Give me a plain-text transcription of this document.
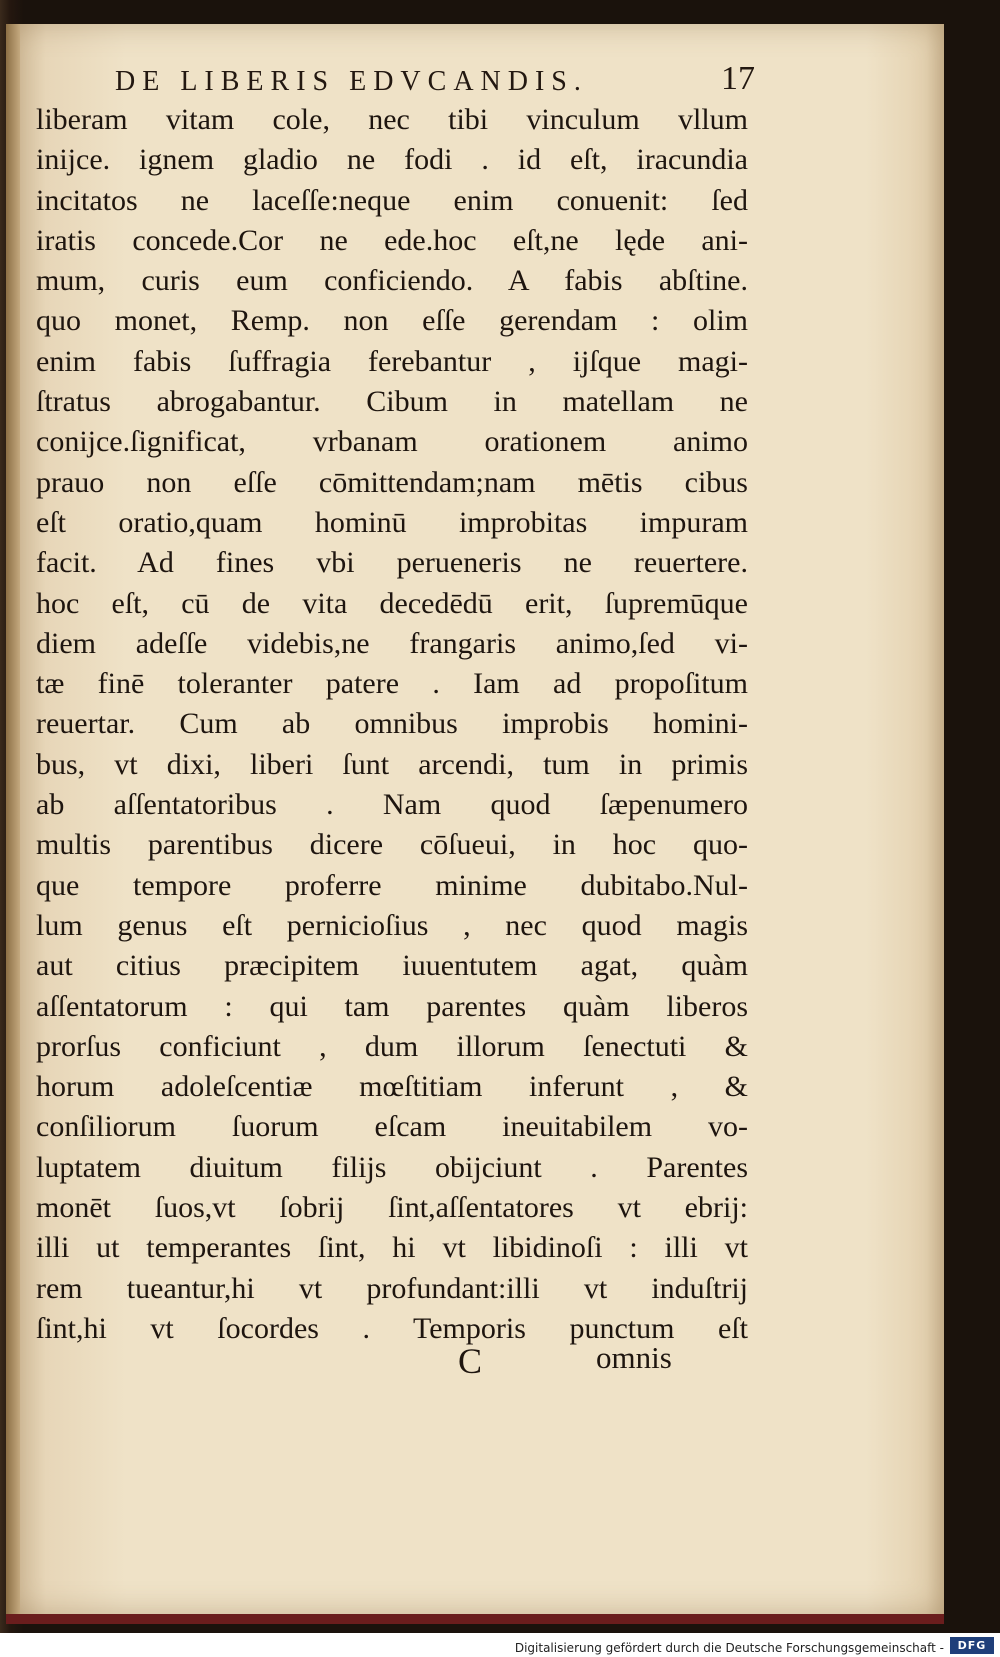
DE LIBERIS EDVCANDIS.	17
liberam vitam cole, nec tibi vinculum vllum
inijce. ignem gladio ne fodi . id eſt, iracundia
incitatos ne laceſſe:neque enim conuenit: ſed
iratis concede.Cor ne ede.hoc eſt,ne lęde ani-
mum, curis eum conficiendo. A fabis abſtine.
quo monet, Remp. non eſſe gerendam : olim
enim fabis ſuffragia ferebantur , ijſque magi-
ſtratus abrogabantur. Cibum in matellam ne
conijce.ſignificat, vrbanam orationem animo
prauo non eſſe cōmittendam;nam mētis cibus
eſt oratio,quam hominū improbitas impuram
facit. Ad fines vbi perueneris ne reuertere.
hoc eſt, cū de vita decedēdū erit, ſupremūque
diem adeſſe videbis,ne frangaris animo,ſed vi-
tæ finē toleranter patere . Iam ad propoſitum
reuertar. Cum ab omnibus improbis homini-
bus, vt dixi, liberi ſunt arcendi, tum in primis
ab aſſentatoribus . Nam quod ſæpenumero
multis parentibus dicere cōſueui, in hoc quo-
que tempore proferre minime dubitabo.Nul-
lum genus eſt pernicioſius , nec quod magis
aut citius præcipitem iuuentutem agat, quàm
aſſentatorum : qui tam parentes quàm liberos
prorſus conficiunt , dum illorum ſenectuti &
horum adoleſcentiæ mœſtitiam inferunt , &
conſiliorum ſuorum eſcam ineuitabilem vo-
luptatem diuitum filijs obijciunt . Parentes
monēt ſuos,vt ſobrij ſint,aſſentatores vt ebrij:
illi ut temperantes ſint, hi vt libidinoſi : illi vt
rem tueantur,hi vt profundant:illi vt induſtrij
ſint,hi vt ſocordes . Temporis punctum eſt
C	omnis
Digitalisierung gefördert durch die Deutsche Forschungsgemeinschaft -	DFG
